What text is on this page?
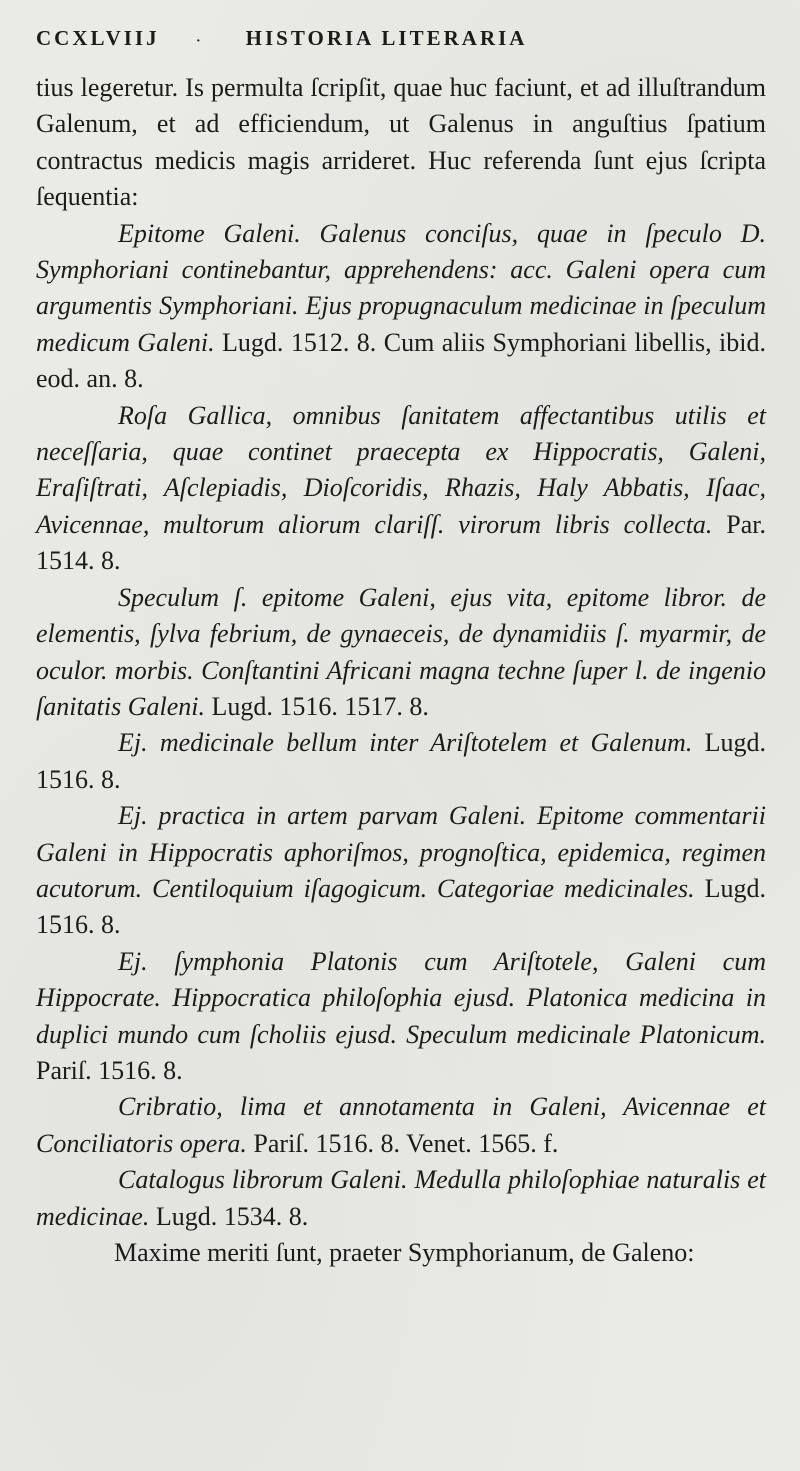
CCXLVIIJ	· HISTORIA LITERARIA

tius legeretur. Is permulta ſcripſit, quae huc faciunt, et ad illuſtrandum Galenum, et ad efficiendum, ut Galenus in anguſtius ſpatium contractus medicis magis arrideret. Huc referenda ſunt ejus ſcripta ſequentia:

Epitome Galeni. Galenus conciſus, quae in ſpeculo D. Symphoriani continebantur, apprehendens: acc. Galeni opera cum argumentis Symphoriani. Ejus propugnaculum medicinae in ſpeculum medicum Galeni. Lugd. 1512. 8. Cum aliis Symphoriani libellis, ibid. eod. an. 8.

Roſa Gallica, omnibus ſanitatem affectantibus utilis et neceſſaria, quae continet praecepta ex Hippocratis, Galeni, Eraſiſtrati, Aſclepiadis, Dioſcoridis, Rhazis, Haly Abbatis, Iſaac, Avicennae, multorum aliorum clariſſ. virorum libris collecta. Par. 1514. 8.

Speculum ſ. epitome Galeni, ejus vita, epitome libror. de elementis, ſylva febrium, de gynaeceis, de dynamidiis ſ. myarmir, de oculor. morbis. Conſtantini Africani magna techne ſuper l. de ingenio ſanitatis Galeni. Lugd. 1516. 1517. 8.

Ej. medicinale bellum inter Ariſtotelem et Galenum. Lugd. 1516. 8.

Ej. practica in artem parvam Galeni. Epitome commentarii Galeni in Hippocratis aphoriſmos, prognoſtica, epidemica, regimen acutorum. Centiloquium iſagogicum. Categoriae medicinales. Lugd. 1516. 8.

Ej. ſymphonia Platonis cum Ariſtotele, Galeni cum Hippocrate. Hippocratica philoſophia ejusd. Platonica medicina in duplici mundo cum ſcholiis ejusd. Speculum medicinale Platonicum. Pariſ. 1516. 8.

Cribratio, lima et annotamenta in Galeni, Avicennae et Conciliatoris opera. Pariſ. 1516. 8. Venet. 1565. f.

Catalogus librorum Galeni. Medulla philoſophiae naturalis et medicinae. Lugd. 1534. 8.

Maxime meriti ſunt, praeter Symphorianum, de Galeno:
